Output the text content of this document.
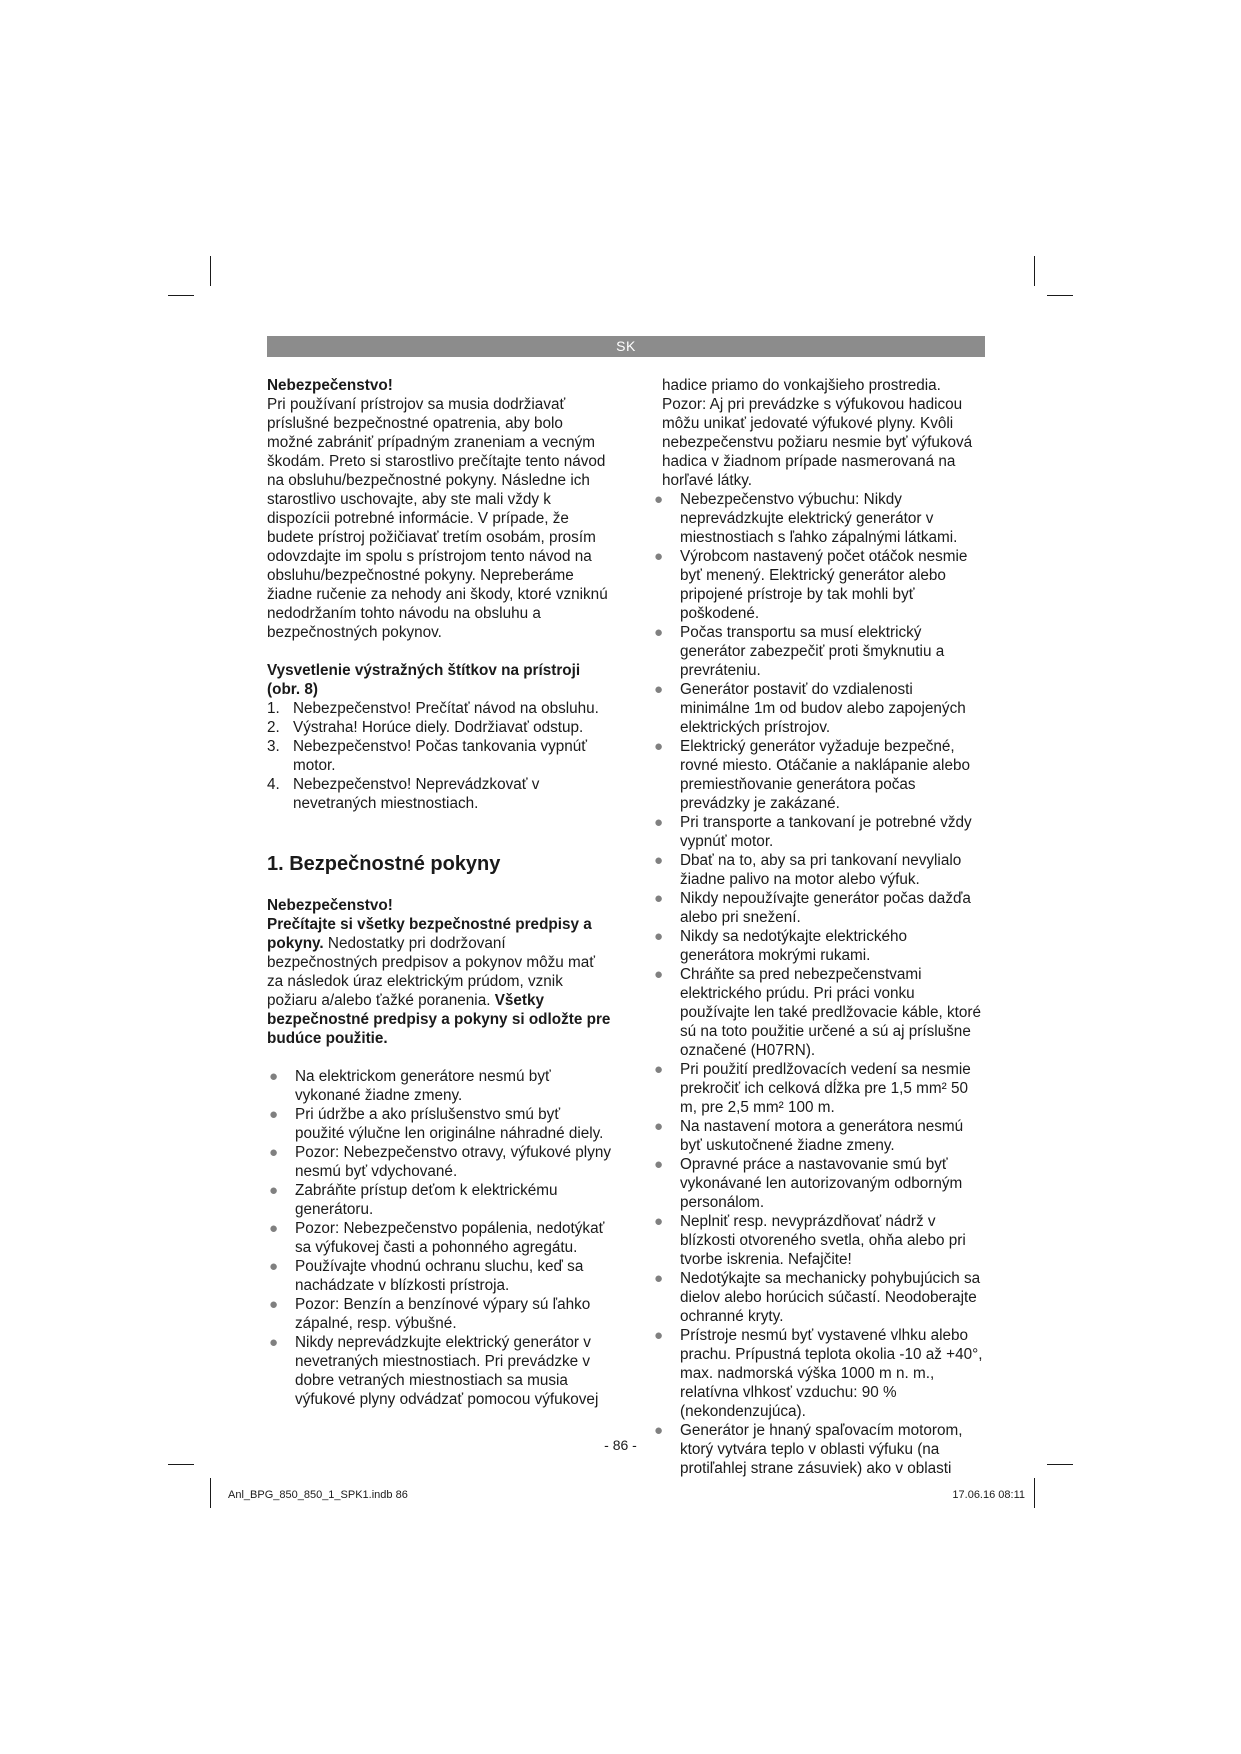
SK

Nebezpečenstvo!

Pri používaní prístrojov sa musia dodržiavať príslušné bezpečnostné opatrenia, aby bolo možné zabrániť prípadným zraneniam a vecným škodám. Preto si starostlivo prečítajte tento návod na obsluhu/bezpečnostné pokyny. Následne ich starostlivo uschovajte, aby ste mali vždy k dispozícii potrebné informácie. V prípade, že budete prístroj požičiavať tretím osobám, prosím odovzdajte im spolu s prístrojom tento návod na obsluhu/bezpečnostné pokyny. Nepreberáme žiadne ručenie za nehody ani škody, ktoré vzniknú nedodržaním tohto návodu na obsluhu a bezpečnostných pokynov.

Vysvetlenie výstražných štítkov na prístroji (obr. 8)

1. Nebezpečenstvo! Prečítať návod na obsluhu.
2. Výstraha! Horúce diely. Dodržiavať odstup.
3. Nebezpečenstvo! Počas tankovania vypnúť motor.
4. Nebezpečenstvo! Neprevádzkovať v nevetraných miestnostiach.

1. Bezpečnostné pokyny

Nebezpečenstvo!

Prečítajte si všetky bezpečnostné predpisy a pokyny. Nedostatky pri dodržovaní bezpečnostných predpisov a pokynov môžu mať za následok úraz elektrickým prúdom, vznik požiaru a/alebo ťažké poranenia. Všetky bezpečnostné predpisy a pokyny si odložte pre budúce použitie.

● Na elektrickom generátore nesmú byť vykonané žiadne zmeny.
● Pri údržbe a ako príslušenstvo smú byť použité výlučne len originálne náhradné diely.
● Pozor: Nebezpečenstvo otravy, výfukové plyny nesmú byť vdychované.
● Zabráňte prístup deťom k elektrickému generátoru.
● Pozor: Nebezpečenstvo popálenia, nedotýkať sa výfukovej časti a pohonného agregátu.
● Používajte vhodnú ochranu sluchu, keď sa nachádzate v blízkosti prístroja.
● Pozor: Benzín a benzínové výpary sú ľahko zápalné, resp. výbušné.
● Nikdy neprevádzkujte elektrický generátor v nevetraných miestnostiach. Pri prevádzke v dobre vetraných miestnostiach sa musia výfukové plyny odvádzať pomocou výfukovej

hadice priamo do vonkajšieho prostredia. Pozor: Aj pri prevádzke s výfukovou hadicou môžu unikať jedovaté výfukové plyny. Kvôli nebezpečenstvu požiaru nesmie byť výfuková hadica v žiadnom prípade nasmerovaná na horľavé látky.

● Nebezpečenstvo výbuchu: Nikdy neprevádzkujte elektrický generátor v miestnostiach s ľahko zápalnými látkami.
● Výrobcom nastavený počet otáčok nesmie byť menený. Elektrický generátor alebo pripojené prístroje by tak mohli byť poškodené.
● Počas transportu sa musí elektrický generátor zabezpečiť proti šmyknutiu a prevráteniu.
● Generátor postaviť do vzdialenosti minimálne 1m od budov alebo zapojených elektrických prístrojov.
● Elektrický generátor vyžaduje bezpečné, rovné miesto. Otáčanie a naklápanie alebo premiestňovanie generátora počas prevádzky je zakázané.
● Pri transporte a tankovaní je potrebné vždy vypnúť motor.
● Dbať na to, aby sa pri tankovaní nevylialo žiadne palivo na motor alebo výfuk.
● Nikdy nepoužívajte generátor počas dažďa alebo pri snežení.
● Nikdy sa nedotýkajte elektrického generátora mokrými rukami.
● Chráňte sa pred nebezpečenstvami elektrického prúdu. Pri práci vonku používajte len také predlžovacie káble, ktoré sú na toto použitie určené a sú aj príslušne označené (H07RN).
● Pri použití predlžovacích vedení sa nesmie prekročiť ich celková dĺžka pre 1,5 mm² 50 m, pre 2,5 mm² 100 m.
● Na nastavení motora a generátora nesmú byť uskutočnené žiadne zmeny.
● Opravné práce a nastavovanie smú byť vykonávané len autorizovaným odborným personálom.
● Neplniť resp. nevyprázdňovať nádrž v blízkosti otvoreného svetla, ohňa alebo pri tvorbe iskrenia. Nefajčite!
● Nedotýkajte sa mechanicky pohybujúcich sa dielov alebo horúcich súčastí. Neodoberajte ochranné kryty.
● Prístroje nesmú byť vystavené vlhku alebo prachu. Prípustná teplota okolia -10 až +40°, max. nadmorská výška 1000 m n. m., relatívna vlhkosť vzduchu: 90 % (nekondenzujúca).
● Generátor je hnaný spaľovacím motorom, ktorý vytvára teplo v oblasti výfuku (na protiľahlej strane zásuviek) ako v oblasti
- 86 -
Anl_BPG_850_850_1_SPK1.indb 86	17.06.16 08:11
